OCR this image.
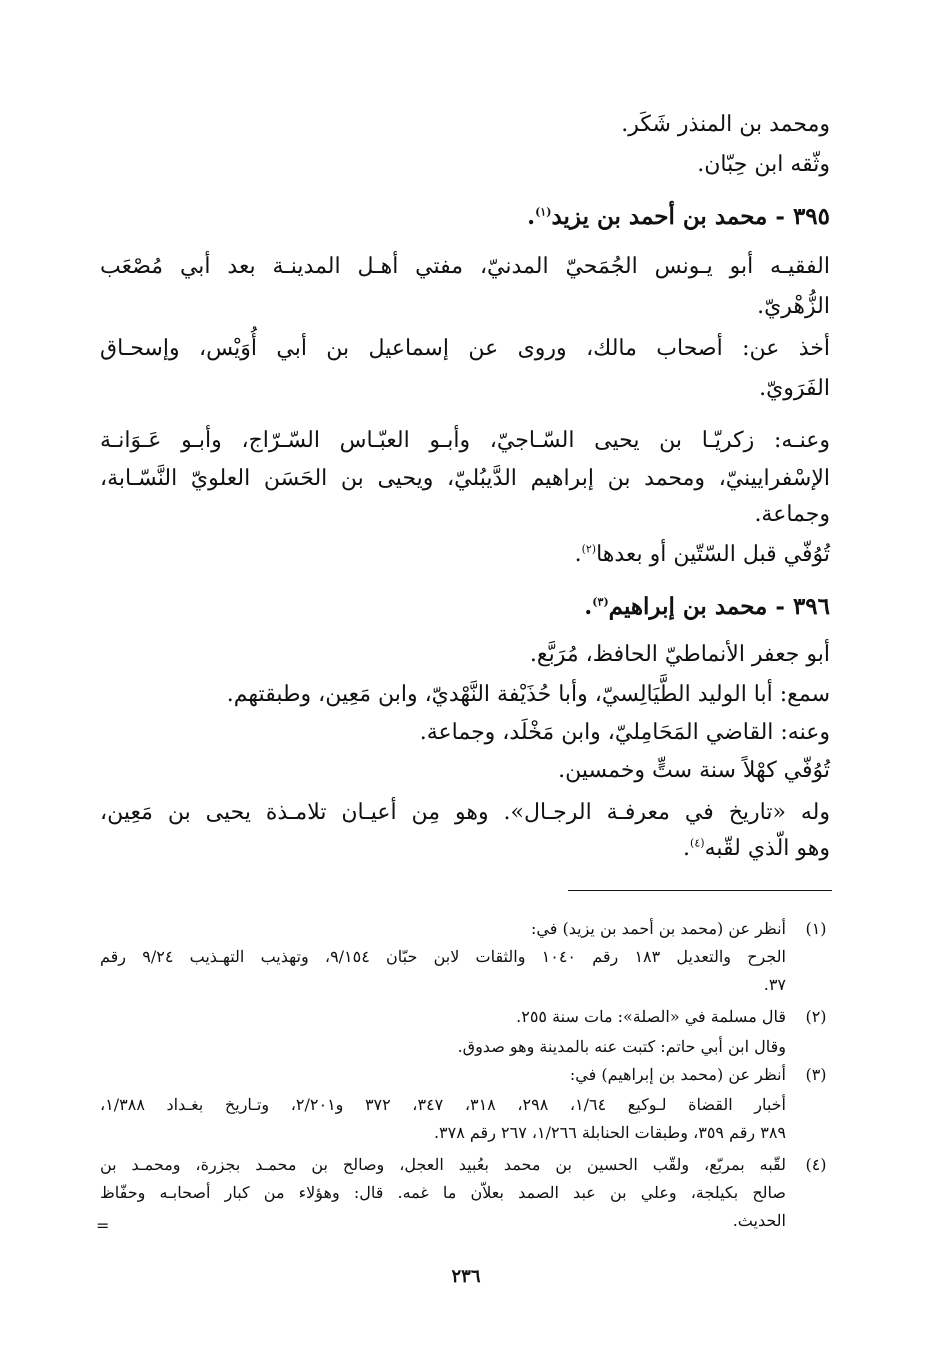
ومحمد بن المنذر شَكَر.
وثّقه ابن حِبّان.
٣٩٥ - محمد بن أحمد بن يزيد$^{(١)}$.
الفقيـه أبو يـونس الجُمَحيّ المدنيّ، مفتي أهـل المدينـة بعد أبي مُصْعَب
الزُّهْريّ.
أخذ عن: أصحاب مالك، وروى عن إسماعيل بن أبي أُوَيْس، وإسحـاق
الفَرَويّ.
وعنـه: زكريّـا بن يحيى السّـاجيّ، وأبـو العبّـاس السّـرّاج، وأبـو عَـوَانـة
الإسْفرايينيّ، ومحمد بن إبراهيم الدَّيبُليّ، ويحيى بن الحَسَن العلويّ النَّسّـابة،
وجماعة.
تُوُفّي قبل السّتّين أو بعدها$^{(٢)}$.
٣٩٦ - محمد بن إبراهيم$^{(٣)}$.
أبو جعفر الأنماطيّ الحافظ، مُرَبَّع.
سمع: أبا الوليد الطَّيَالِسيّ، وأبا حُذَيْفة النَّهْديّ، وابن مَعِين، وطبقتهم.
وعنه: القاضي المَحَامِليّ، وابن مَخْلَد، وجماعة.
تُوُفّي كهْلاً سنة ستٍّ وخمسين.
وله «تاريخ في معرفـة الرجـال». وهو مِن أعيـان تلامـذة يحيى بن مَعِين،
وهو الّذي لقّبه$^{(٤)}$.
(١)
أنظر عن (محمد بن أحمد بن يزيد) في:
الجرح والتعديل ١٨٣ رقم ١٠٤٠ والثقات لابن حبّان ٩/١٥٤، وتهذيب التهـذيب ٩/٢٤ رقم
٣٧.
(٢)
قال مسلمة في «الصلة»: مات سنة ٢٥٥.
وقال ابن أبي حاتم: كتبت عنه بالمدينة وهو صدوق.
(٣)
أنظر عن (محمد بن إبراهيم) في:
أخبار القضاة لـوكيع ١/٦٤، ٢٩٨، ٣١٨، ٣٤٧، ٣٧٢ و٢/٢٠١، وتـاريخ بغـداد ١/٣٨٨،
٣٨٩ رقم ٣٥٩، وطبقات الحنابلة ١/٢٦٦، ٢٦٧ رقم ٣٧٨.
(٤)
لقّبه بمربّع، ولقّب الحسين بن محمد بعُبيد العجل، وصالح بن محمـد بجزرة، ومحمـد بن
صالح بكيلجة، وعلي بن عبد الصمد بعلاّن ما غمه. قال: وهؤلاء من كبار أصحابـه وحفّاظ
الحديث.
=
٢٣٦
